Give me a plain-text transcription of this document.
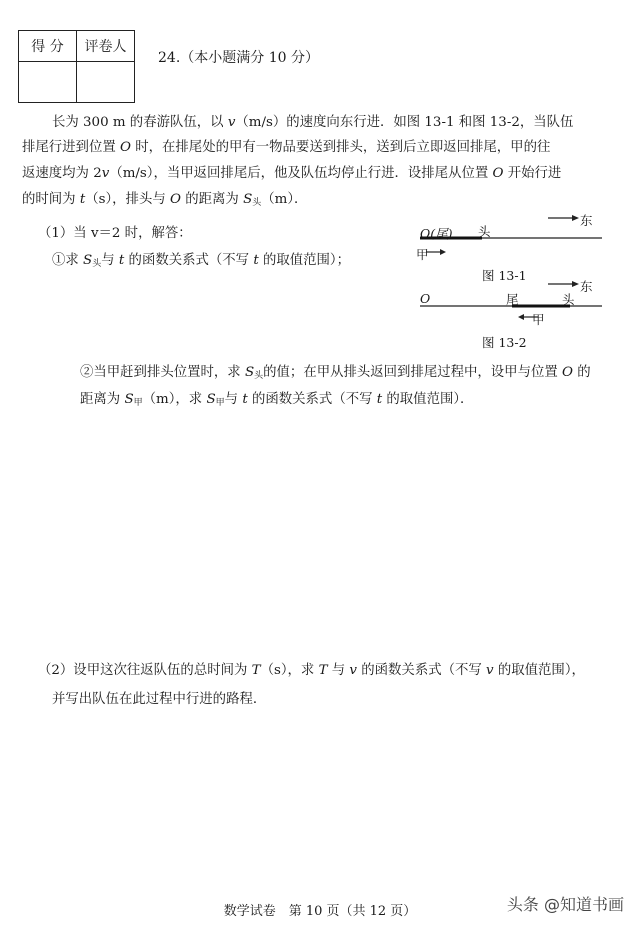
得 分	评卷人

24.（本小题满分 10 分）
长为 300 m 的春游队伍，以 v（m/s）的速度向东行进．如图 13-1 和图 13-2，当队伍
排尾行进到位置 O 时，在排尾处的甲有一物品要送到排头，送到后立即返回排尾，甲的往
返速度均为 2v（m/s），当甲返回排尾后，他及队伍均停止行进．设排尾从位置 O 开始行进
的时间为 t（s），排头与 O 的距离为 $S_头(m)$．
（1）当 v＝2 时，解答：
①求 $S_头$与 t 的函数关系式（不写 t 的取值范围）；
O(尾) 头
东
甲
图 13-1
O	尾	头
东
甲
图 13-2
②当甲赶到排头位置时，求 $S_头$的值；在甲从排头返回到排尾过程中，设甲与位置 O 的
距离为 $S_甲(m)$，求 $S_甲$与 t 的函数关系式（不写 t 的取值范围）．
（2）设甲这次往返队伍的总时间为 T（s），求 T 与 v 的函数关系式（不写 v 的取值范围），
并写出队伍在此过程中行进的路程．
数学试卷　第 10 页（共 12 页）	头条 @知道书画
